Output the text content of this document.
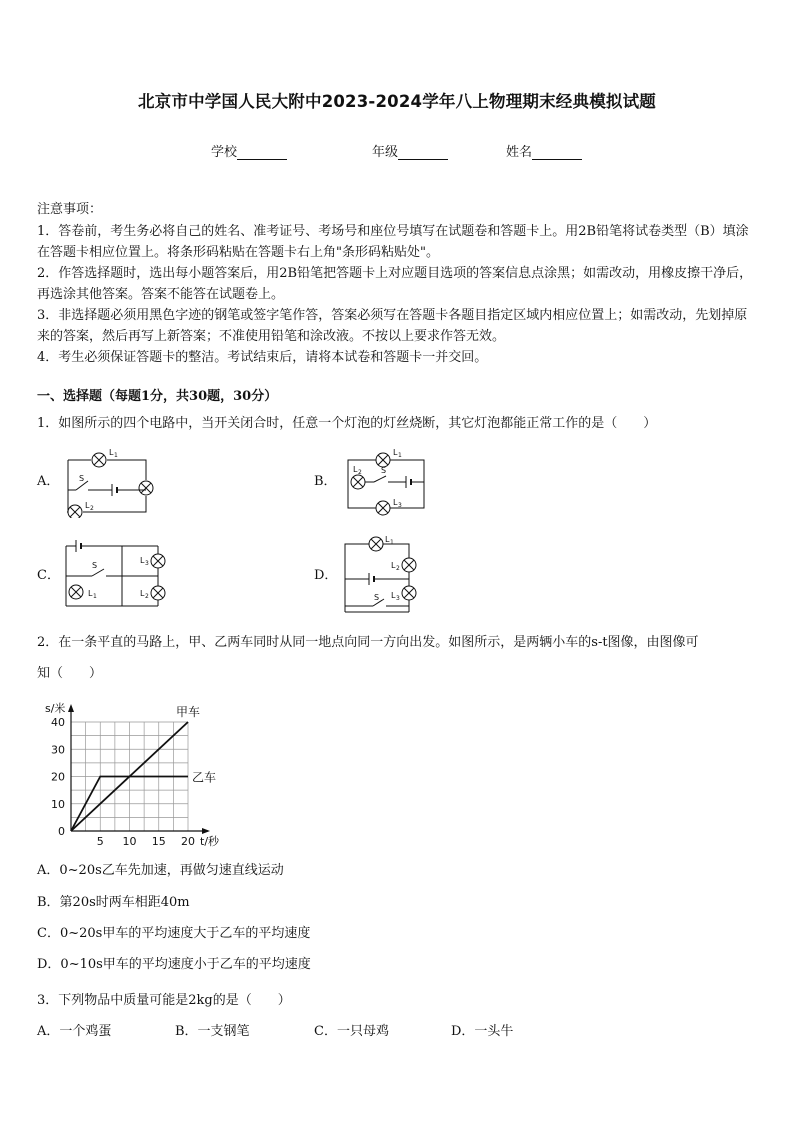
北京市中学国人民大附中2023-2024学年八上物理期末经典模拟试题
学校	年级	姓名
注意事项：
1．答卷前，考生务必将自己的姓名、准考证号、考场号和座位号填写在试题卷和答题卡上。用2B铅笔将试卷类型（B）填涂在答题卡相应位置上。将条形码粘贴在答题卡右上角"条形码粘贴处"。
2．作答选择题时，选出每小题答案后，用2B铅笔把答题卡上对应题目选项的答案信息点涂黑；如需改动，用橡皮擦干净后，再选涂其他答案。答案不能答在试题卷上。
3．非选择题必须用黑色字迹的钢笔或签字笔作答，答案必须写在答题卡各题目指定区域内相应位置上；如需改动，先划掉原来的答案，然后再写上新答案；不准使用铅笔和涂改液。不按以上要求作答无效。
4．考生必须保证答题卡的整洁。考试结束后，请将本试卷和答题卡一并交回。
一、选择题（每题1分，共30题，30分）
1．如图所示的四个电路中，当开关闭合时，任意一个灯泡的灯丝烧断，其它灯泡都能正常工作的是（　　）
A．	B．
C．	D．
L 1
S
L 2
L 1
L 2 S
L 3
S
L 3
L 2
L 1
L 1
L 2
S L 3
2．在一条平直的马路上，甲、乙两车同时从同一地点向同一方向出发。如图所示，是两辆小车的s-t图像，由图像可
知（　　）
5 10 15 20
10
20
30
40
0
t/秒
s/米	甲车
乙车
A．0~20s乙车先加速，再做匀速直线运动
B．第20s时两车相距40m
C．0~20s甲车的平均速度大于乙车的平均速度
D．0~10s甲车的平均速度小于乙车的平均速度
3．下列物品中质量可能是2kg的是（　　）
A．一个鸡蛋	B．一支钢笔	C．一只母鸡	D．一头牛
